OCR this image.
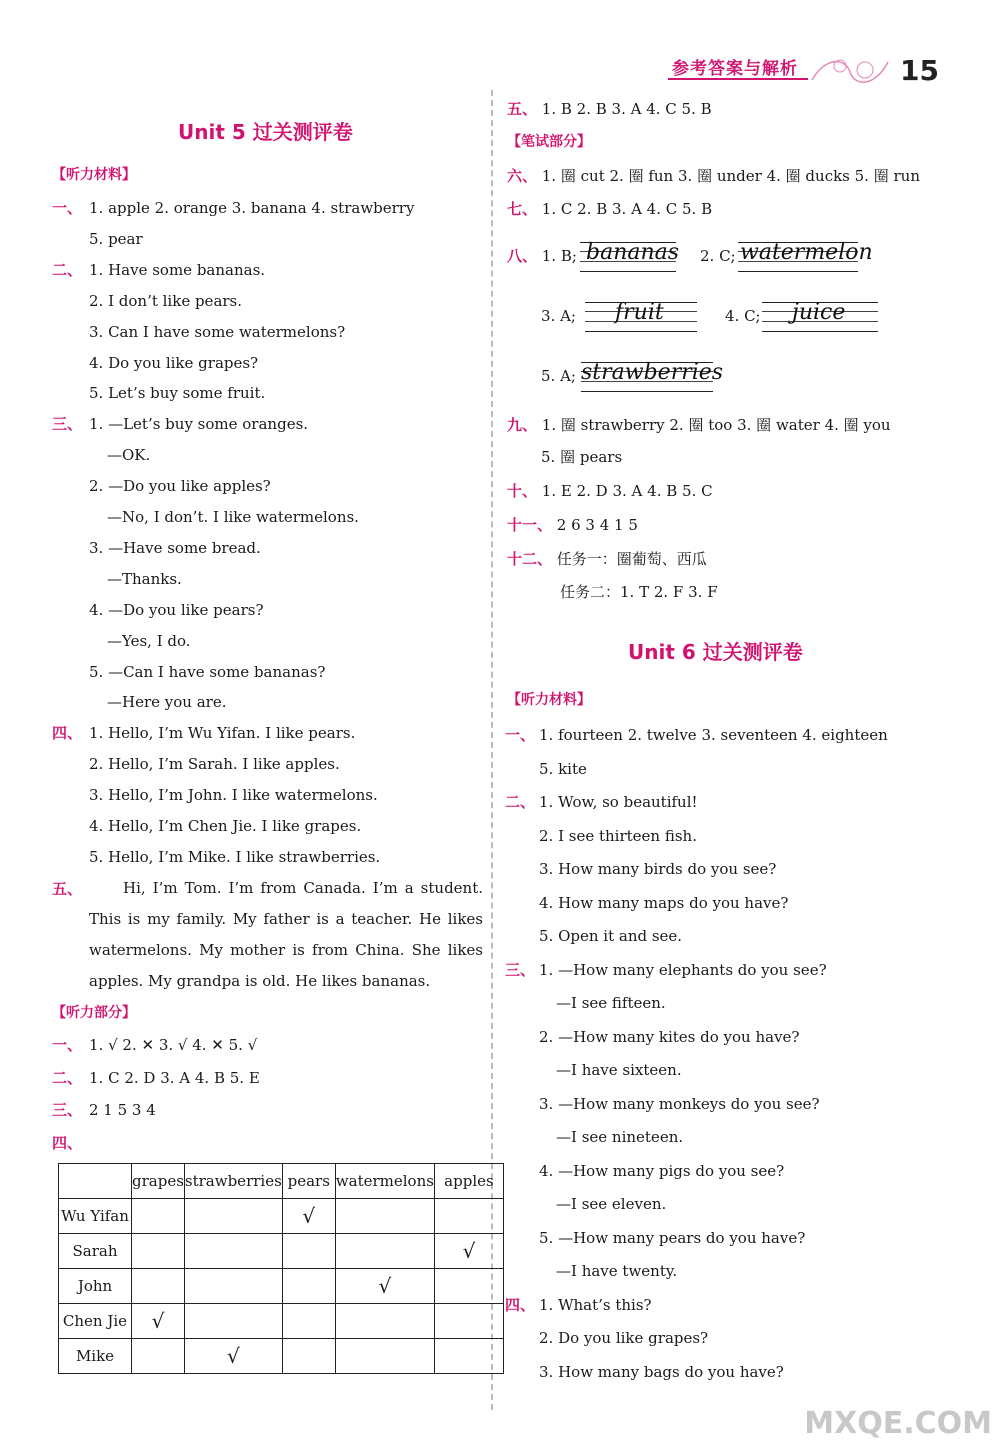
参考答案与解析	15
Unit 5 过关测评卷
【听力材料】
一、 1. apple 2. orange 3. banana 4. strawberry
5. pear
二、 1. Have some bananas.
2. I don’t like pears.
3. Can I have some watermelons?
4. Do you like grapes?
5. Let’s buy some fruit.
三、 1. —Let’s buy some oranges.
—OK.
2. —Do you like apples?
—No, I don’t. I like watermelons.
3. —Have some bread.
—Thanks.
4. —Do you like pears?
—Yes, I do.
5. —Can I have some bananas?
—Here you are.
四、 1. Hello, I’m Wu Yifan. I like pears.
2. Hello, I’m Sarah. I like apples.
3. Hello, I’m John. I like watermelons.
4. Hello, I’m Chen Jie. I like grapes.
5. Hello, I’m Mike. I like strawberries.
五、	Hi, I’m Tom. I’m from Canada. I’m a student. This is my family. My father is a teacher. He likes watermelons. My mother is from China. She likes apples. My grandpa is old. He likes bananas.
【听力部分】
一、 1. √ 2. ✕ 3. √ 4. ✕ 5. √
二、 1. C 2. D 3. A 4. B 5. E
三、 2 1 5 3 4
四、
	grapes	strawberries	pears	watermelons	apples
Wu Yifan			√		
Sarah					√
John				√	
Chen Jie	√				
Mike		√			
五、 1. B 2. B 3. A 4. C 5. B
【笔试部分】
六、 1. 圈 cut 2. 圈 fun 3. 圈 under 4. 圈 ducks 5. 圈 run
七、 1. C 2. B 3. A 4. C 5. B
八、 1. B; bananas 2. C; watermelon
3. A; fruit	4. C; juice
5. A; strawberries
九、 1. 圈 strawberry 2. 圈 too 3. 圈 water 4. 圈 you
5. 圈 pears
十、 1. E 2. D 3. A 4. B 5. C
十一、 2 6 3 4 1 5
十二、 任务一：圈葡萄、西瓜
任务二：1. T 2. F 3. F
Unit 6 过关测评卷
【听力材料】
一、 1. fourteen 2. twelve 3. seventeen 4. eighteen
5. kite
二、 1. Wow, so beautiful!
2. I see thirteen fish.
3. How many birds do you see?
4. How many maps do you have?
5. Open it and see.
三、 1. —How many elephants do you see?
—I see fifteen.
2. —How many kites do you have?
—I have sixteen.
3. —How many monkeys do you see?
—I see nineteen.
4. —How many pigs do you see?
—I see eleven.
5. —How many pears do you have?
—I have twenty.
四、 1. What’s this?
2. Do you like grapes?
3. How many bags do you have?
MXQE.COM
